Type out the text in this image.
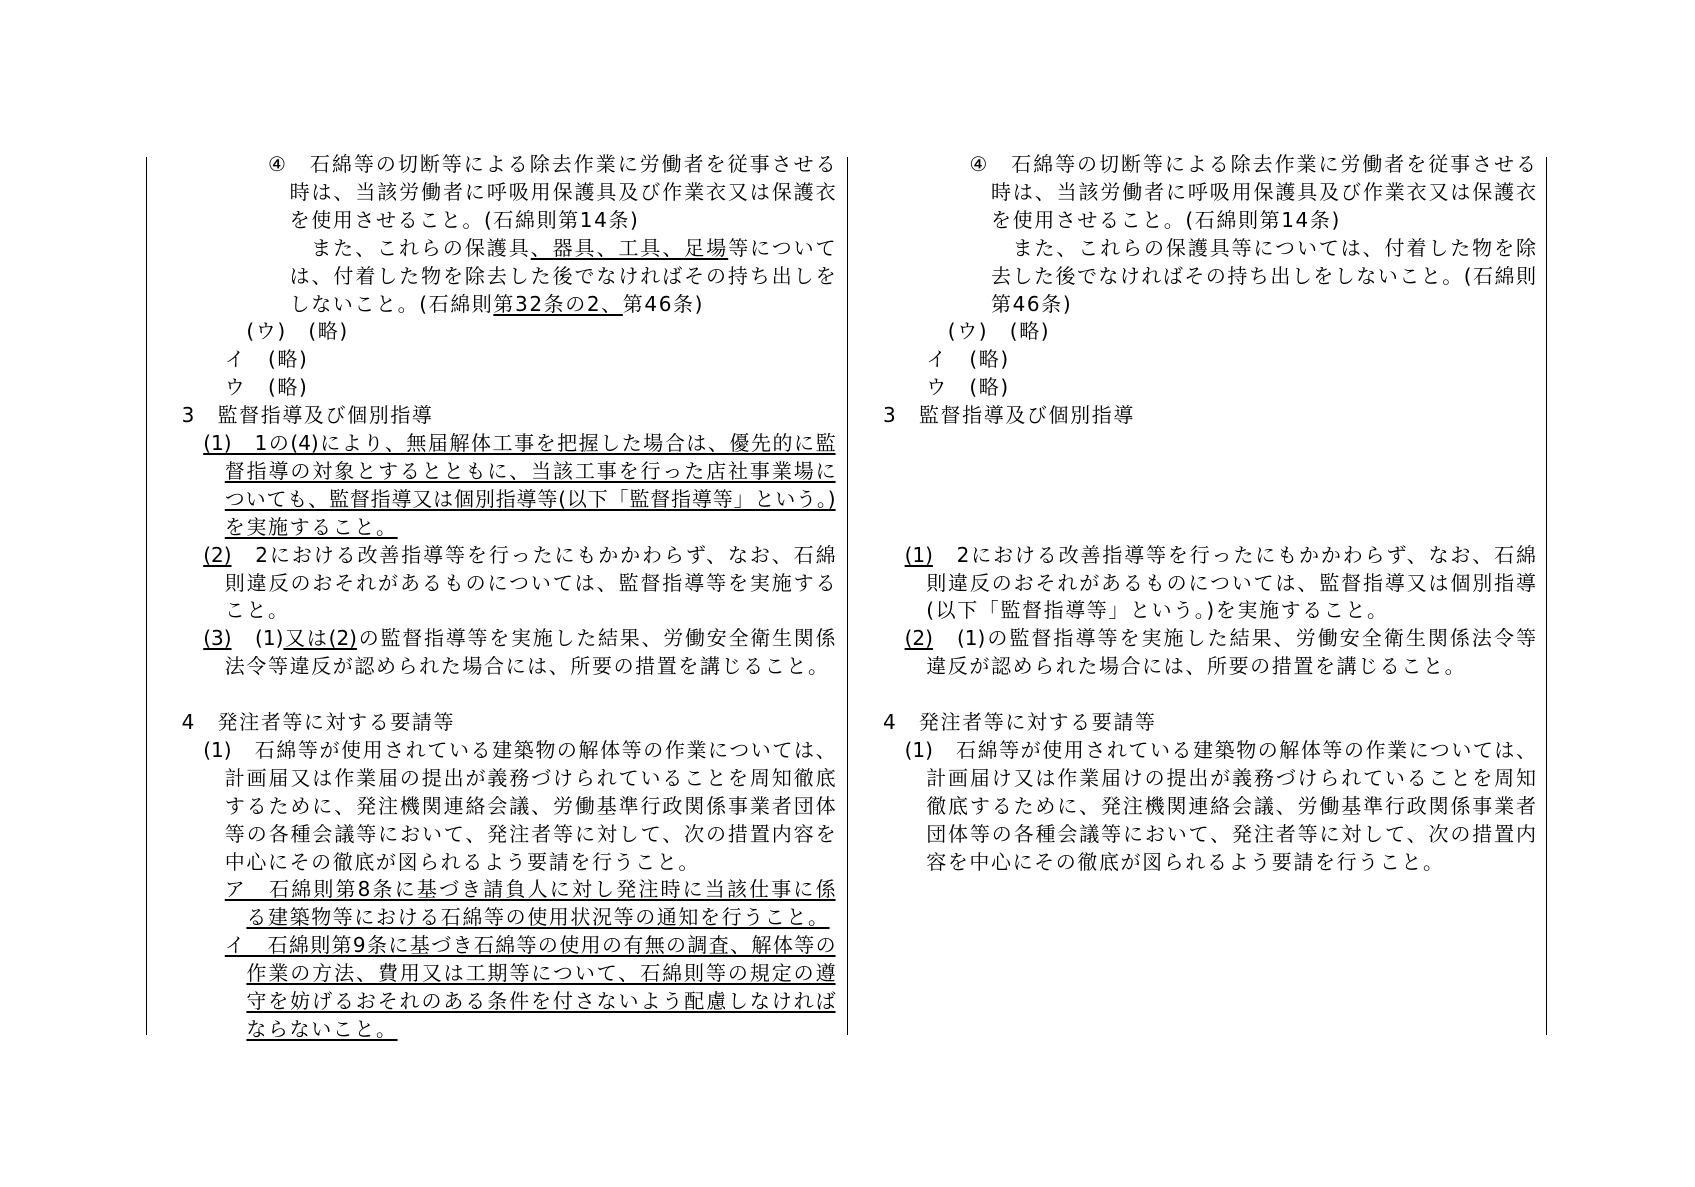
④　石綿等の切断等による除去作業に労働者を従事させる
時は、当該労働者に呼吸用保護具及び作業衣又は保護衣
を使用させること。(石綿則第14条)
また、これらの保護具、器具、工具、足場等について
は、付着した物を除去した後でなければその持ち出しを
しないこと。(石綿則第32条の2、第46条)
(ウ)　(略)
イ　(略)
ウ　(略)
3　監督指導及び個別指導
(1)　1の(4)により、無届解体工事を把握した場合は、優先的に監
督指導の対象とするとともに、当該工事を行った店社事業場に
ついても、監督指導又は個別指導等(以下「監督指導等」という。)
を実施すること。
(2)　2における改善指導等を行ったにもかかわらず、なお、石綿
則違反のおそれがあるものについては、監督指導等を実施する
こと。
(3)　(1)又は(2)の監督指導等を実施した結果、労働安全衛生関係
法令等違反が認められた場合には、所要の措置を講じること。
4　発注者等に対する要請等
(1)　石綿等が使用されている建築物の解体等の作業については、
計画届又は作業届の提出が義務づけられていることを周知徹底
するために、発注機関連絡会議、労働基準行政関係事業者団体
等の各種会議等において、発注者等に対して、次の措置内容を
中心にその徹底が図られるよう要請を行うこと。
ア　石綿則第8条に基づき請負人に対し発注時に当該仕事に係
る建築物等における石綿等の使用状況等の通知を行うこと。
イ　石綿則第9条に基づき石綿等の使用の有無の調査、解体等の
作業の方法、費用又は工期等について、石綿則等の規定の遵
守を妨げるおそれのある条件を付さないよう配慮しなければ
ならないこと。
④　石綿等の切断等による除去作業に労働者を従事させる
時は、当該労働者に呼吸用保護具及び作業衣又は保護衣
を使用させること。(石綿則第14条)
また、これらの保護具等については、付着した物を除
去した後でなければその持ち出しをしないこと。(石綿則
第46条)
(ウ)　(略)
イ　(略)
ウ　(略)
3　監督指導及び個別指導
(1)　2における改善指導等を行ったにもかかわらず、なお、石綿
則違反のおそれがあるものについては、監督指導又は個別指導
(以下「監督指導等」という。)を実施すること。
(2)　(1)の監督指導等を実施した結果、労働安全衛生関係法令等
違反が認められた場合には、所要の措置を講じること。
4　発注者等に対する要請等
(1)　石綿等が使用されている建築物の解体等の作業については、
計画届け又は作業届けの提出が義務づけられていることを周知
徹底するために、発注機関連絡会議、労働基準行政関係事業者
団体等の各種会議等において、発注者等に対して、次の措置内
容を中心にその徹底が図られるよう要請を行うこと。
